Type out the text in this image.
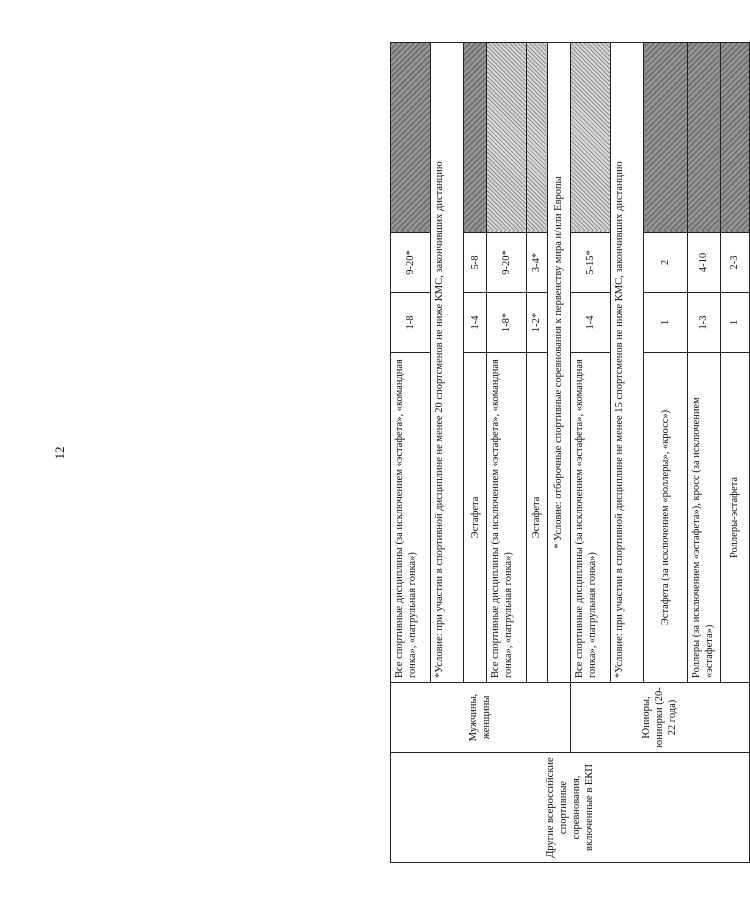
12
Другие всероссийские спортивные соревнования, включенные в ЕКП	Мужчины, женщины	Все спортивные дисциплины (за исключением «эстафета», «командная гонка», «патрульная гонка»)	1-8	9-20*	
		*Условие: при участии в спортивной дисциплине не менее 20 спортсменов не ниже КМС, закончивших дистанцию			
		Эстафета	1-4	5-8	
		Все спортивные дисциплины (за исключением «эстафета», «командная гонка», «патрульная гонка»)	1-8*	9-20*	
		Эстафета	1-2*	3-4*	
		* Условие: отборочные спортивные соревнования к первенству мира и/или Европы			
	Юниоры, юниорки (20-22 года)	Все спортивные дисциплины (за исключением «эстафета», «командная гонка», «патрульная гонка»)	1-4	5-15*	
		*Условие: при участии в спортивной дисциплине не менее 15 спортсменов не ниже КМС, закончивших дистанцию			
		Эстафета (за исключением «роллеры», «кросс»)	1	2	
		Роллеры (за исключением «эстафета»), кросс (за исключением «эстафета»)	1-3	4-10	
		Роллеры-эстафета	1	2-3	
